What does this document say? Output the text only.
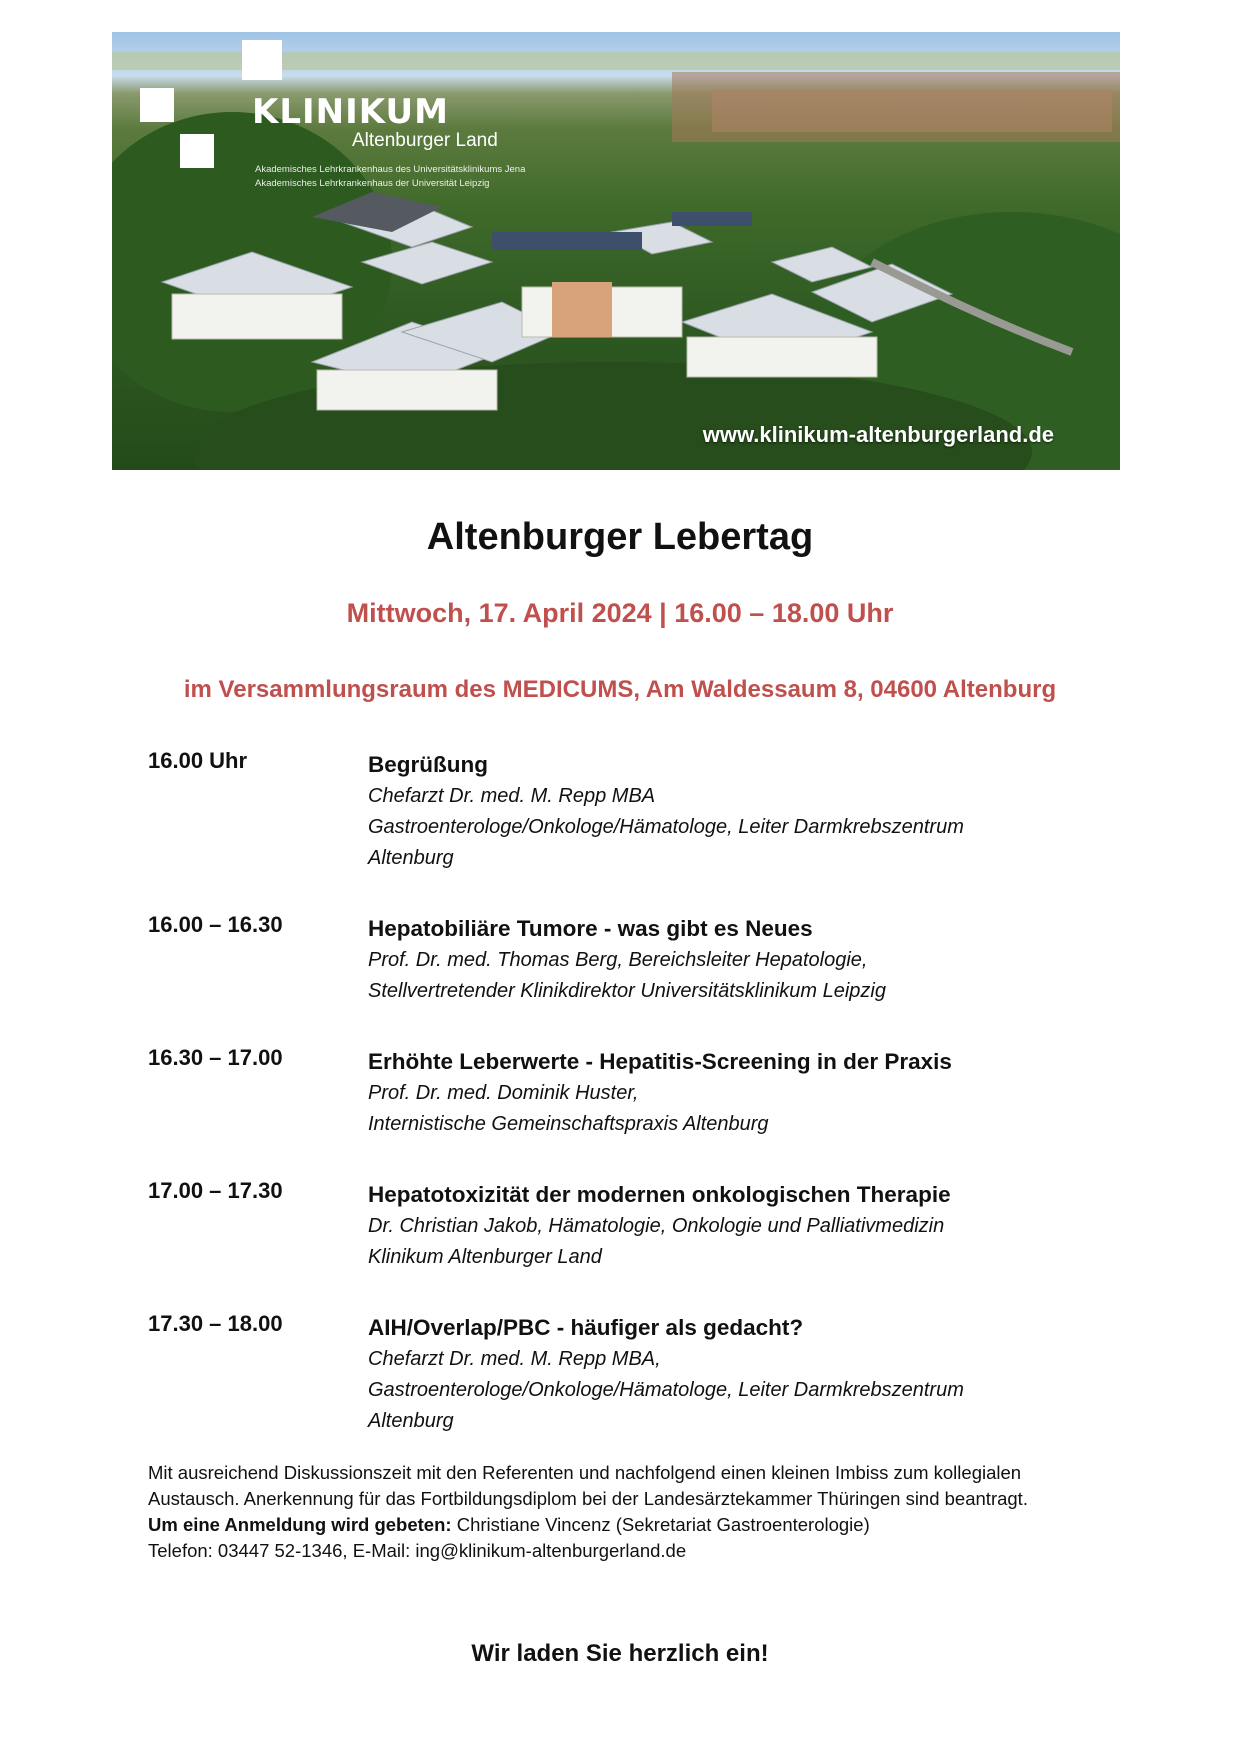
KLINIKUM
Altenburger Land
Akademisches Lehrkrankenhaus des Universitätsklinikums Jena
Akademisches Lehrkrankenhaus der Universität Leipzig
www.klinikum-altenburgerland.de
Altenburger Lebertag
Mittwoch, 17. April 2024 | 16.00 – 18.00 Uhr
im Versammlungsraum des MEDICUMS, Am Waldessaum 8, 04600 Altenburg
16.00 Uhr	Begrüßung
Chefarzt Dr. med. M. Repp MBA
Gastroenterologe/Onkologe/Hämatologe, Leiter Darmkrebszentrum
Altenburg
16.00 – 16.30	Hepatobiliäre Tumore - was gibt es Neues
Prof. Dr. med. Thomas Berg, Bereichsleiter Hepatologie,
Stellvertretender Klinikdirektor Universitätsklinikum Leipzig
16.30 – 17.00	Erhöhte Leberwerte - Hepatitis-Screening in der Praxis
Prof. Dr. med. Dominik Huster,
Internistische Gemeinschaftspraxis Altenburg
17.00 – 17.30	Hepatotoxizität der modernen onkologischen Therapie
Dr. Christian Jakob, Hämatologie, Onkologie und Palliativmedizin
Klinikum Altenburger Land
17.30 – 18.00	AIH/Overlap/PBC - häufiger als gedacht?
Chefarzt Dr. med. M. Repp MBA,
Gastroenterologe/Onkologe/Hämatologe, Leiter Darmkrebszentrum
Altenburg
Mit ausreichend Diskussionszeit mit den Referenten und nachfolgend einen kleinen Imbiss zum kollegialen Austausch. Anerkennung für das Fortbildungsdiplom bei der Landesärztekammer Thüringen sind beantragt.
Um eine Anmeldung wird gebeten: Christiane Vincenz (Sekretariat Gastroenterologie)
Telefon: 03447 52-1346, E-Mail: ing@klinikum-altenburgerland.de
Wir laden Sie herzlich ein!
